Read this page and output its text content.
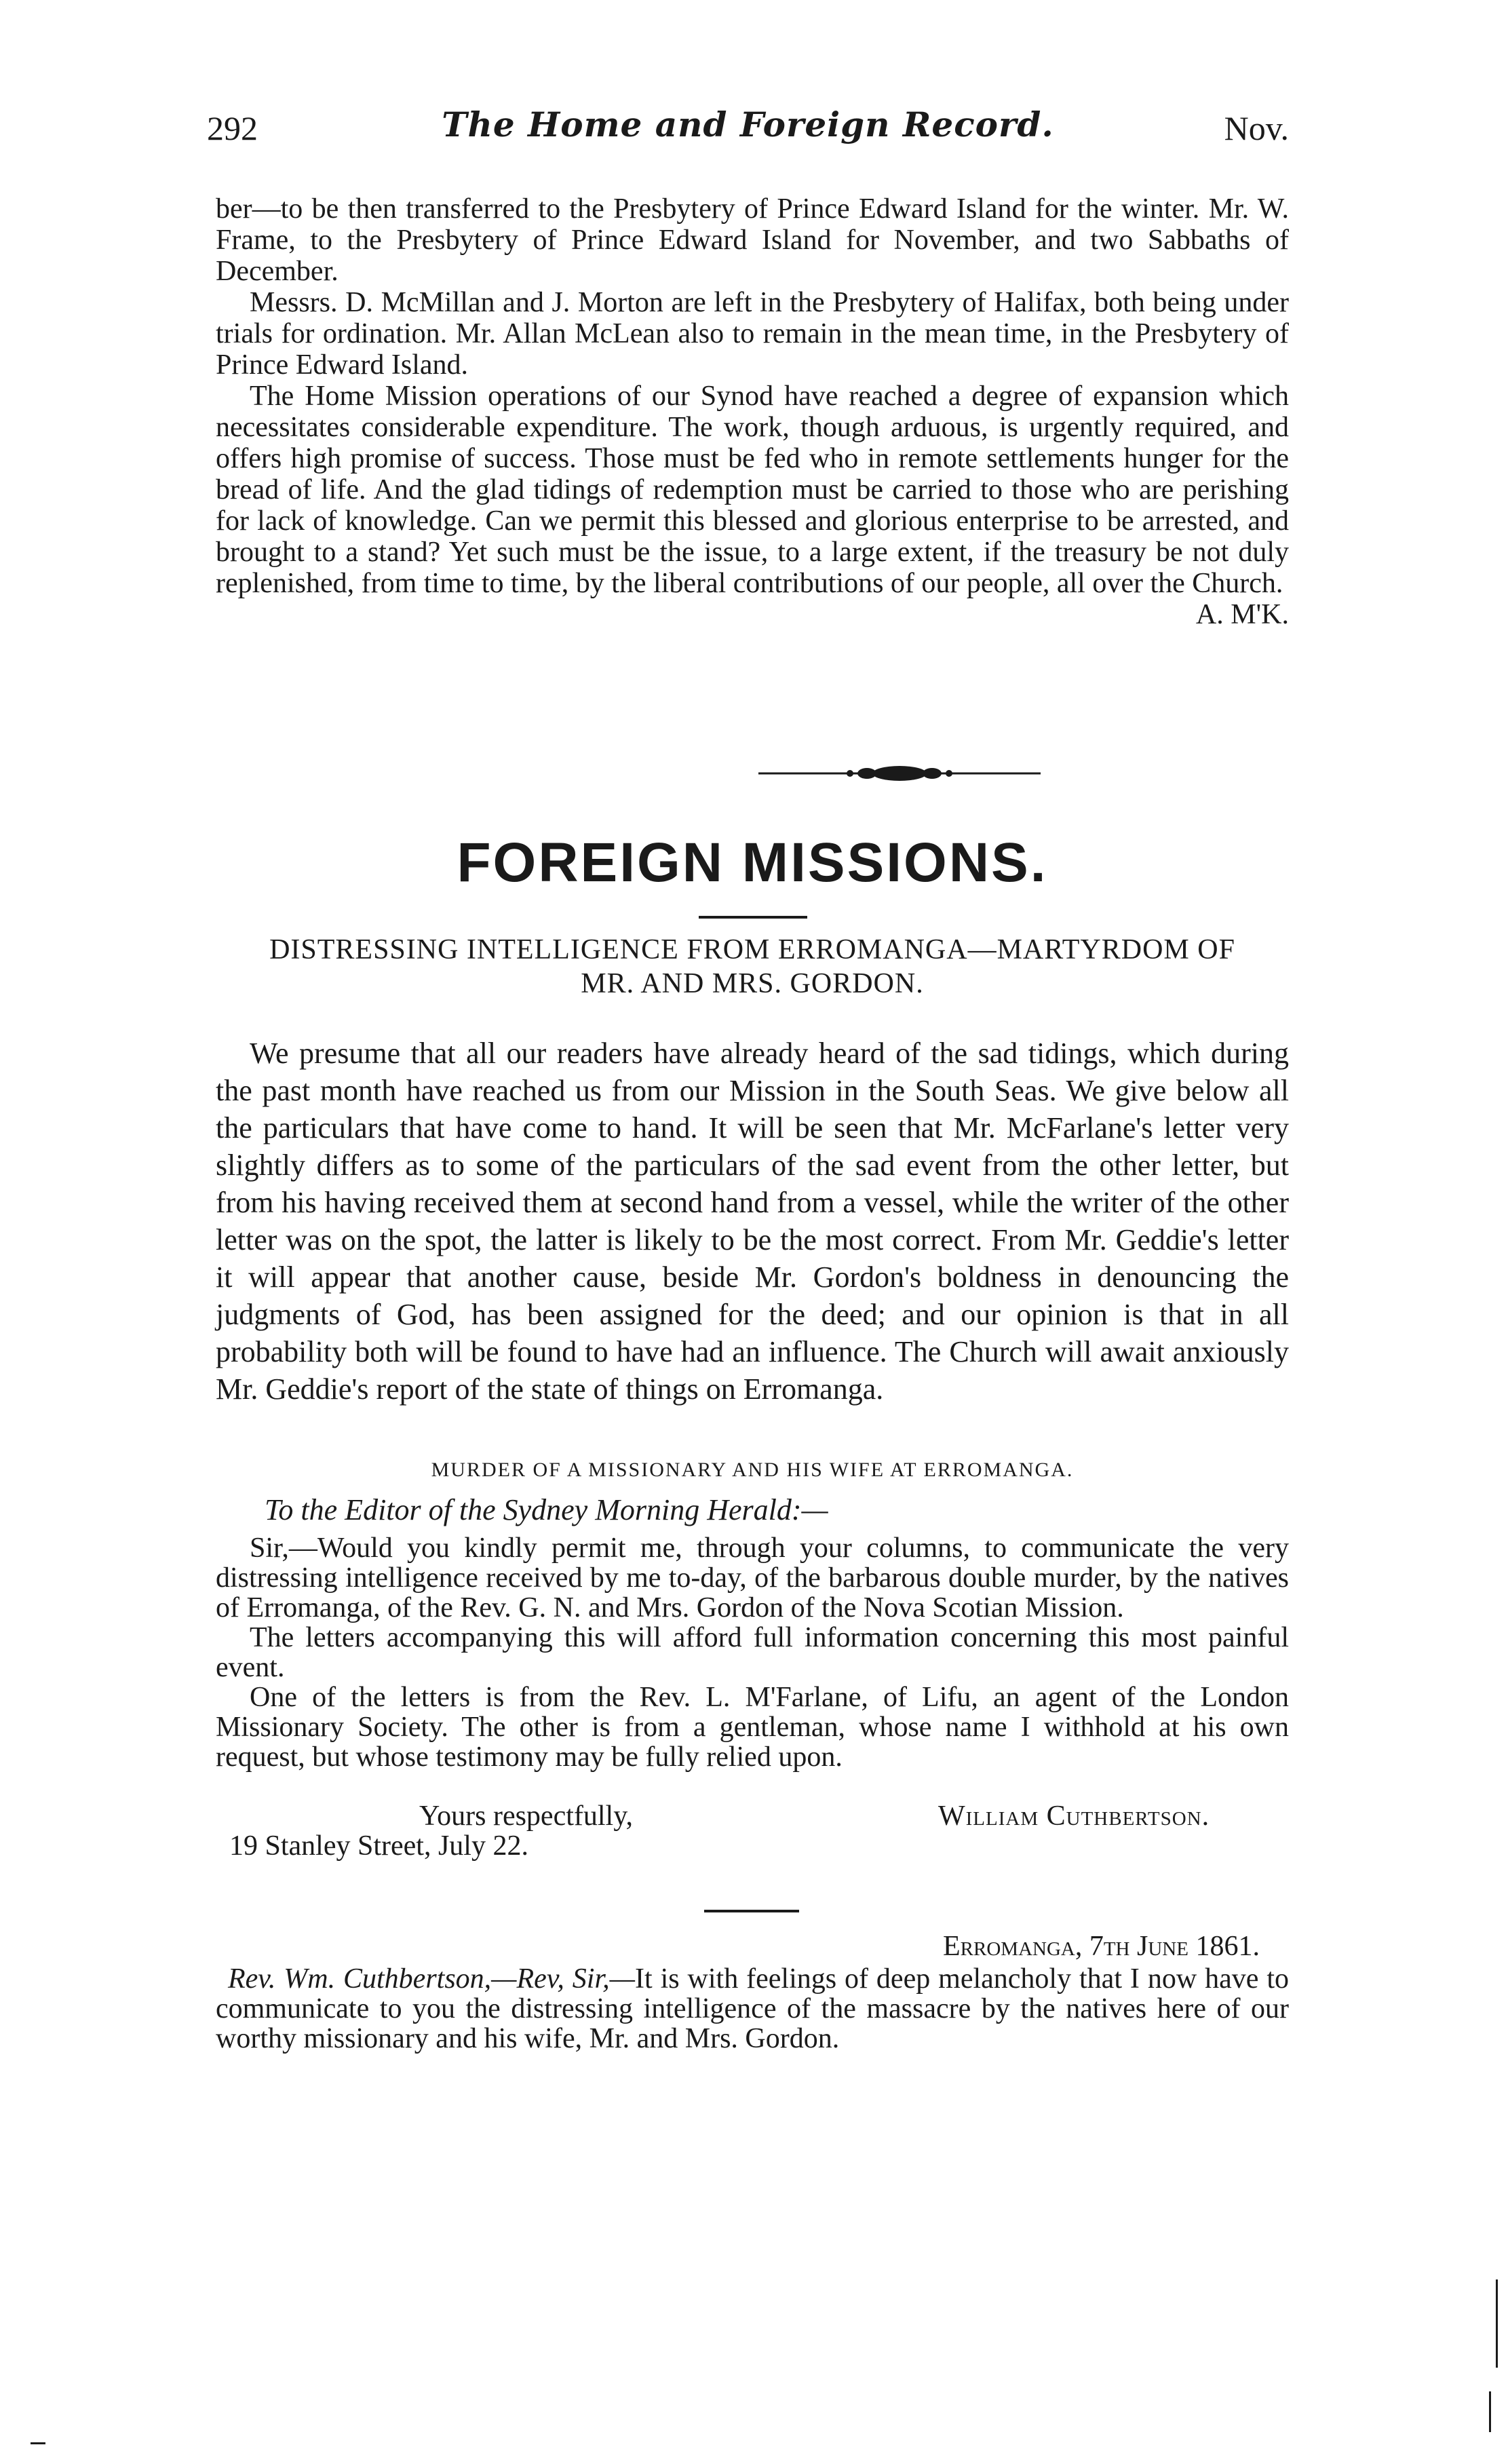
292	The Home and Foreign Record.	Nov.

ber—to be then transferred to the Presbytery of Prince Edward Island for the winter. Mr. W. Frame, to the Presbytery of Prince Edward Island for November, and two Sabbaths of December.

Messrs. D. McMillan and J. Morton are left in the Presbytery of Halifax, both being under trials for ordination. Mr. Allan McLean also to remain in the mean time, in the Presbytery of Prince Edward Island.

The Home Mission operations of our Synod have reached a degree of expansion which necessitates considerable expenditure. The work, though arduous, is urgently required, and offers high promise of success. Those must be fed who in remote settlements hunger for the bread of life. And the glad tidings of redemption must be carried to those who are perishing for lack of knowledge. Can we permit this blessed and glorious enterprise to be arrested, and brought to a stand? Yet such must be the issue, to a large extent, if the treasury be not duly replenished, from time to time, by the liberal contributions of our people, all over the Church.
A. M'K.

FOREIGN MISSIONS.
DISTRESSING INTELLIGENCE FROM ERROMANGA—MARTYRDOM OF
MR. AND MRS. GORDON.

We presume that all our readers have already heard of the sad tidings, which during the past month have reached us from our Mission in the South Seas. We give below all the particulars that have come to hand. It will be seen that Mr. McFarlane's letter very slightly differs as to some of the particulars of the sad event from the other letter, but from his having received them at second hand from a vessel, while the writer of the other letter was on the spot, the latter is likely to be the most correct. From Mr. Geddie's letter it will appear that another cause, beside Mr. Gordon's boldness in denouncing the judgments of God, has been assigned for the deed; and our opinion is that in all probability both will be found to have had an influence. The Church will await anxiously Mr. Geddie's report of the state of things on Erromanga.

MURDER OF A MISSIONARY AND HIS WIFE AT ERROMANGA.
To the Editor of the Sydney Morning Herald:—

Sir,—Would you kindly permit me, through your columns, to communicate the very distressing intelligence received by me to-day, of the barbarous double murder, by the natives of Erromanga, of the Rev. G. N. and Mrs. Gordon of the Nova Scotian Mission.

The letters accompanying this will afford full information concerning this most painful event.

One of the letters is from the Rev. L. M'Farlane, of Lifu, an agent of the London Missionary Society. The other is from a gentleman, whose name I withhold at his own request, but whose testimony may be fully relied upon.

Yours respectfully,	William Cuthbertson.
19 Stanley Street, July 22.
Erromanga, 7th June 1861.

Rev. Wm. Cuthbertson,—Rev, Sir,—It is with feelings of deep melancholy that I now have to communicate to you the distressing intelligence of the massacre by the natives here of our worthy missionary and his wife, Mr. and Mrs. Gordon.
